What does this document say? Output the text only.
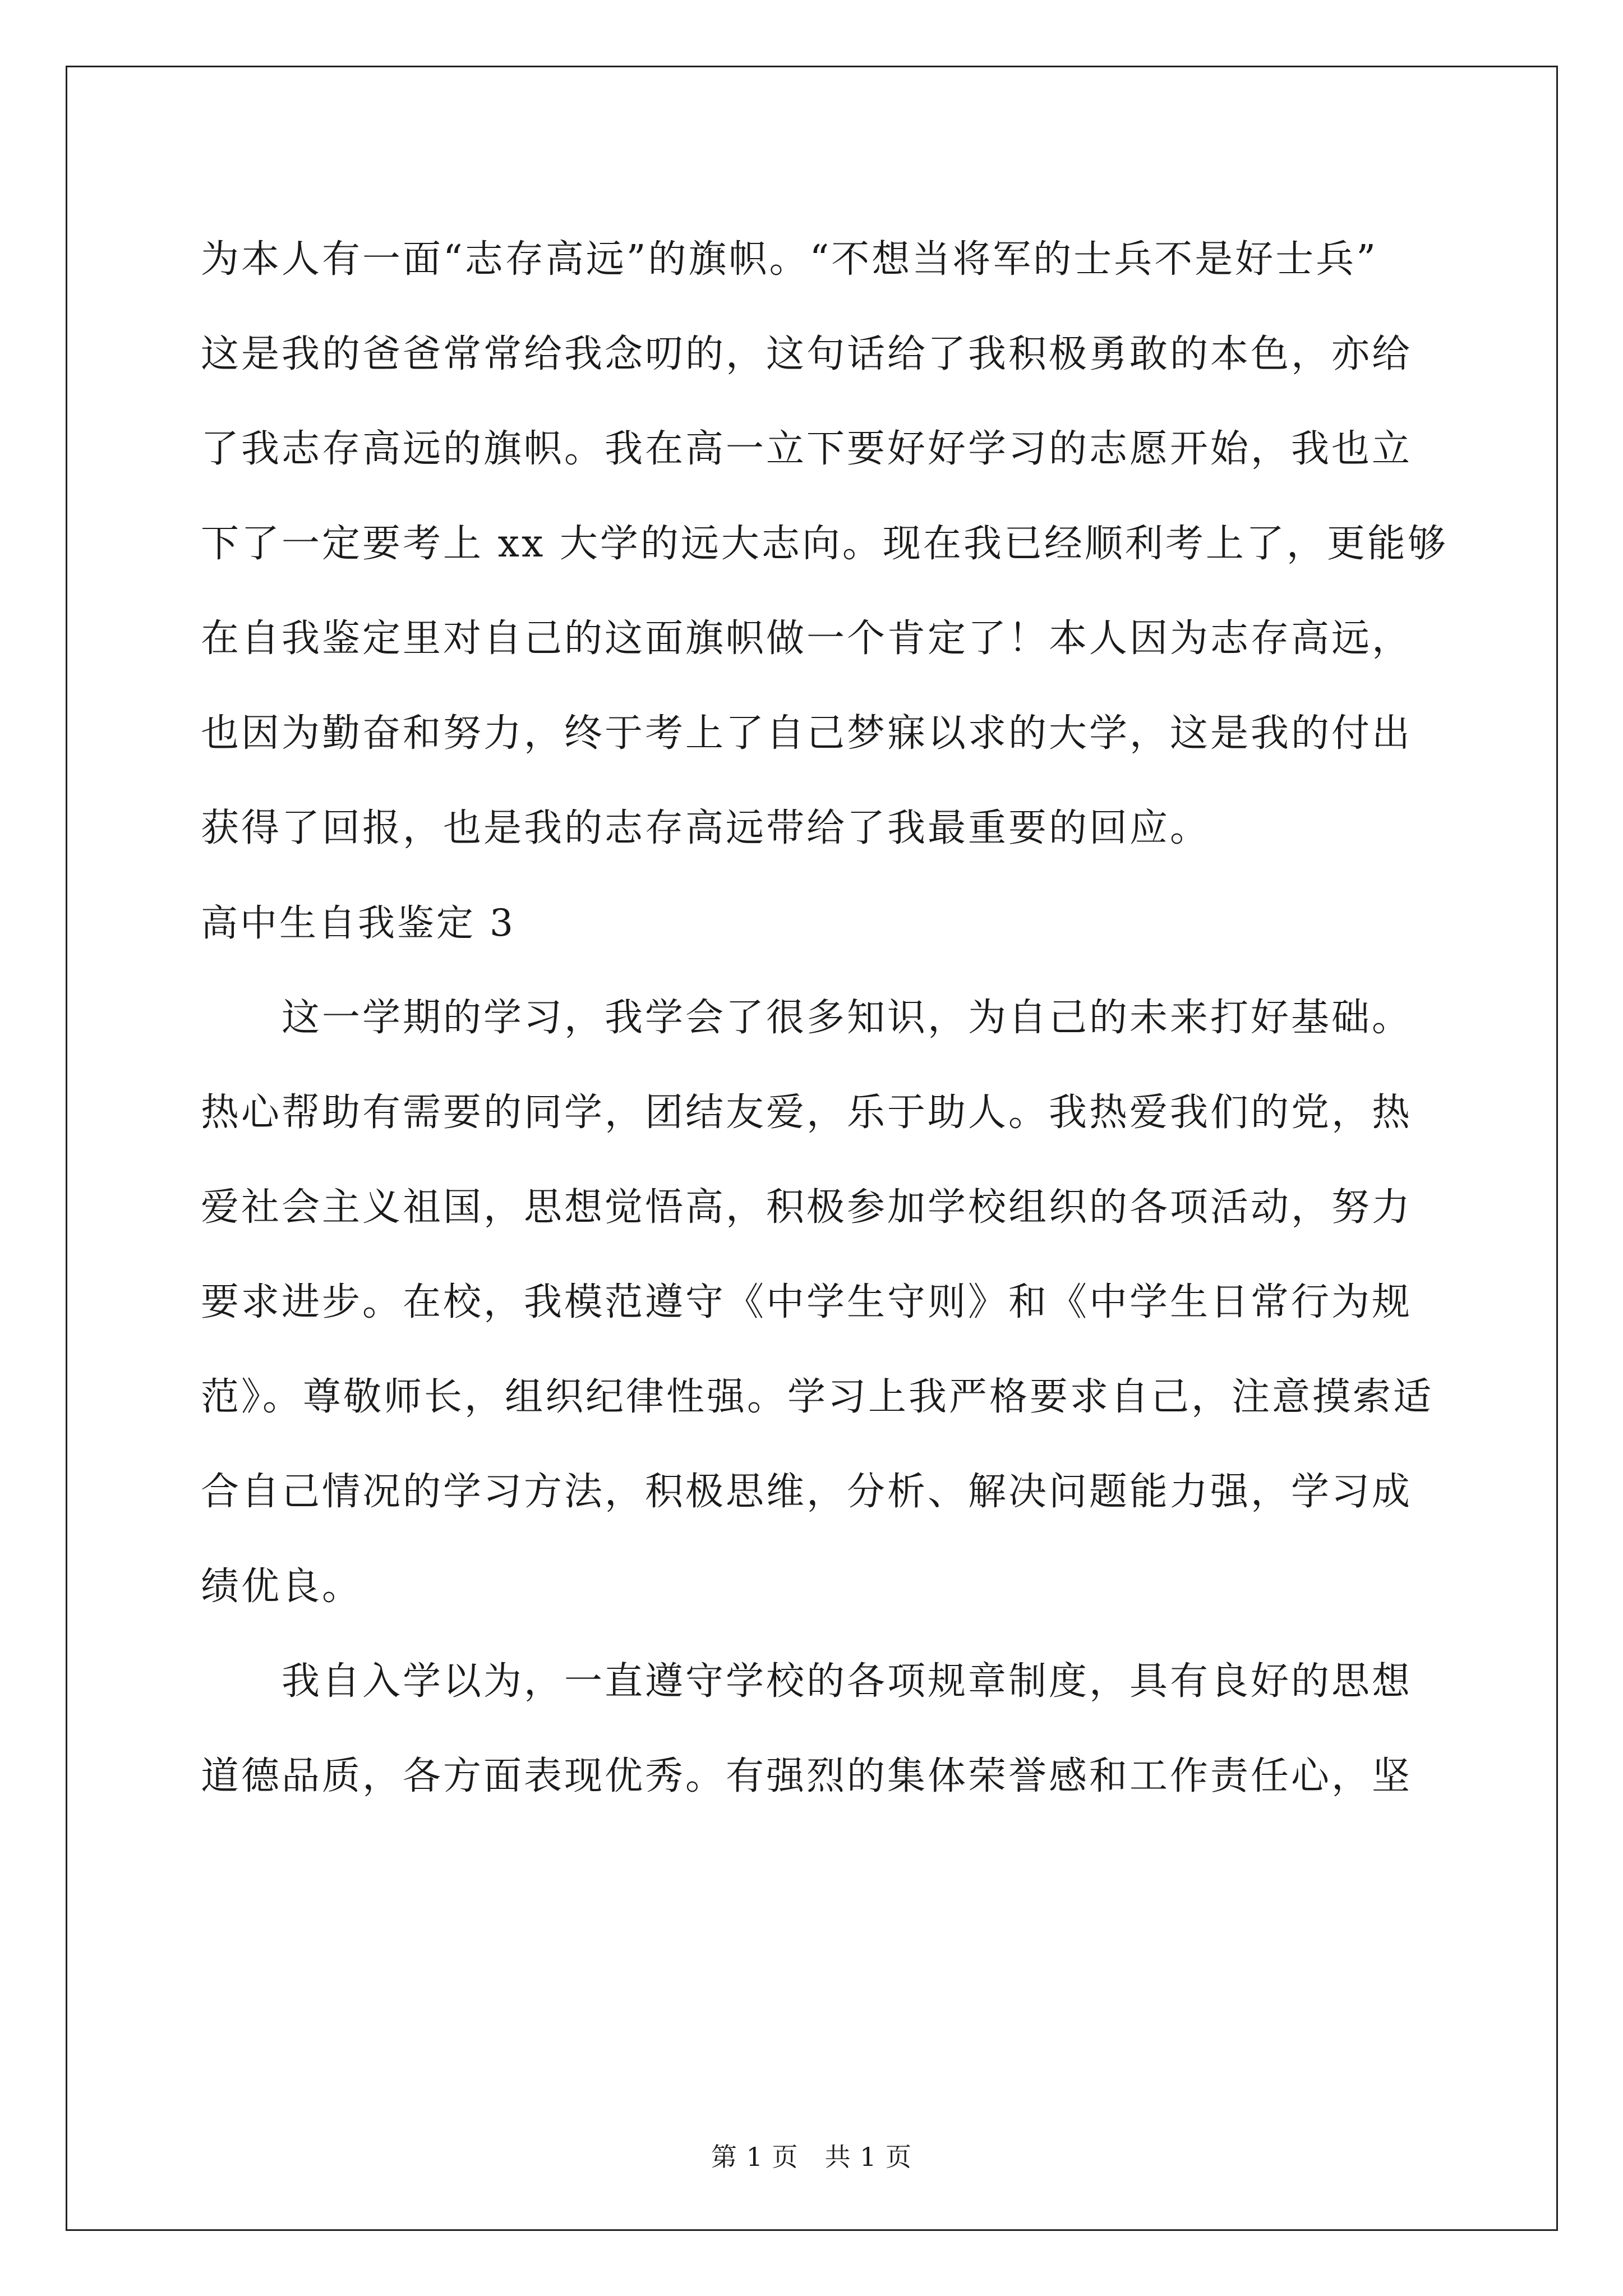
为本人有一面“志存高远”的旗帜。“不想当将军的士兵不是好士兵”
这是我的爸爸常常给我念叨的，这句话给了我积极勇敢的本色，亦给
了我志存高远的旗帜。我在高一立下要好好学习的志愿开始，我也立
下了一定要考上 xx 大学的远大志向。现在我已经顺利考上了，更能够
在自我鉴定里对自己的这面旗帜做一个肯定了！本人因为志存高远，
也因为勤奋和努力，终于考上了自己梦寐以求的大学，这是我的付出
获得了回报，也是我的志存高远带给了我最重要的回应。
高中生自我鉴定 3
这一学期的学习，我学会了很多知识，为自己的未来打好基础。
热心帮助有需要的同学，团结友爱，乐于助人。我热爱我们的党，热
爱社会主义祖国，思想觉悟高，积极参加学校组织的各项活动，努力
要求进步。在校，我模范遵守《中学生守则》和《中学生日常行为规
范》。尊敬师长，组织纪律性强。学习上我严格要求自己，注意摸索适
合自己情况的学习方法，积极思维，分析、解决问题能力强，学习成
绩优良。
我自入学以为，一直遵守学校的各项规章制度，具有良好的思想
道德品质，各方面表现优秀。有强烈的集体荣誉感和工作责任心，坚
第 1 页　共 1 页
